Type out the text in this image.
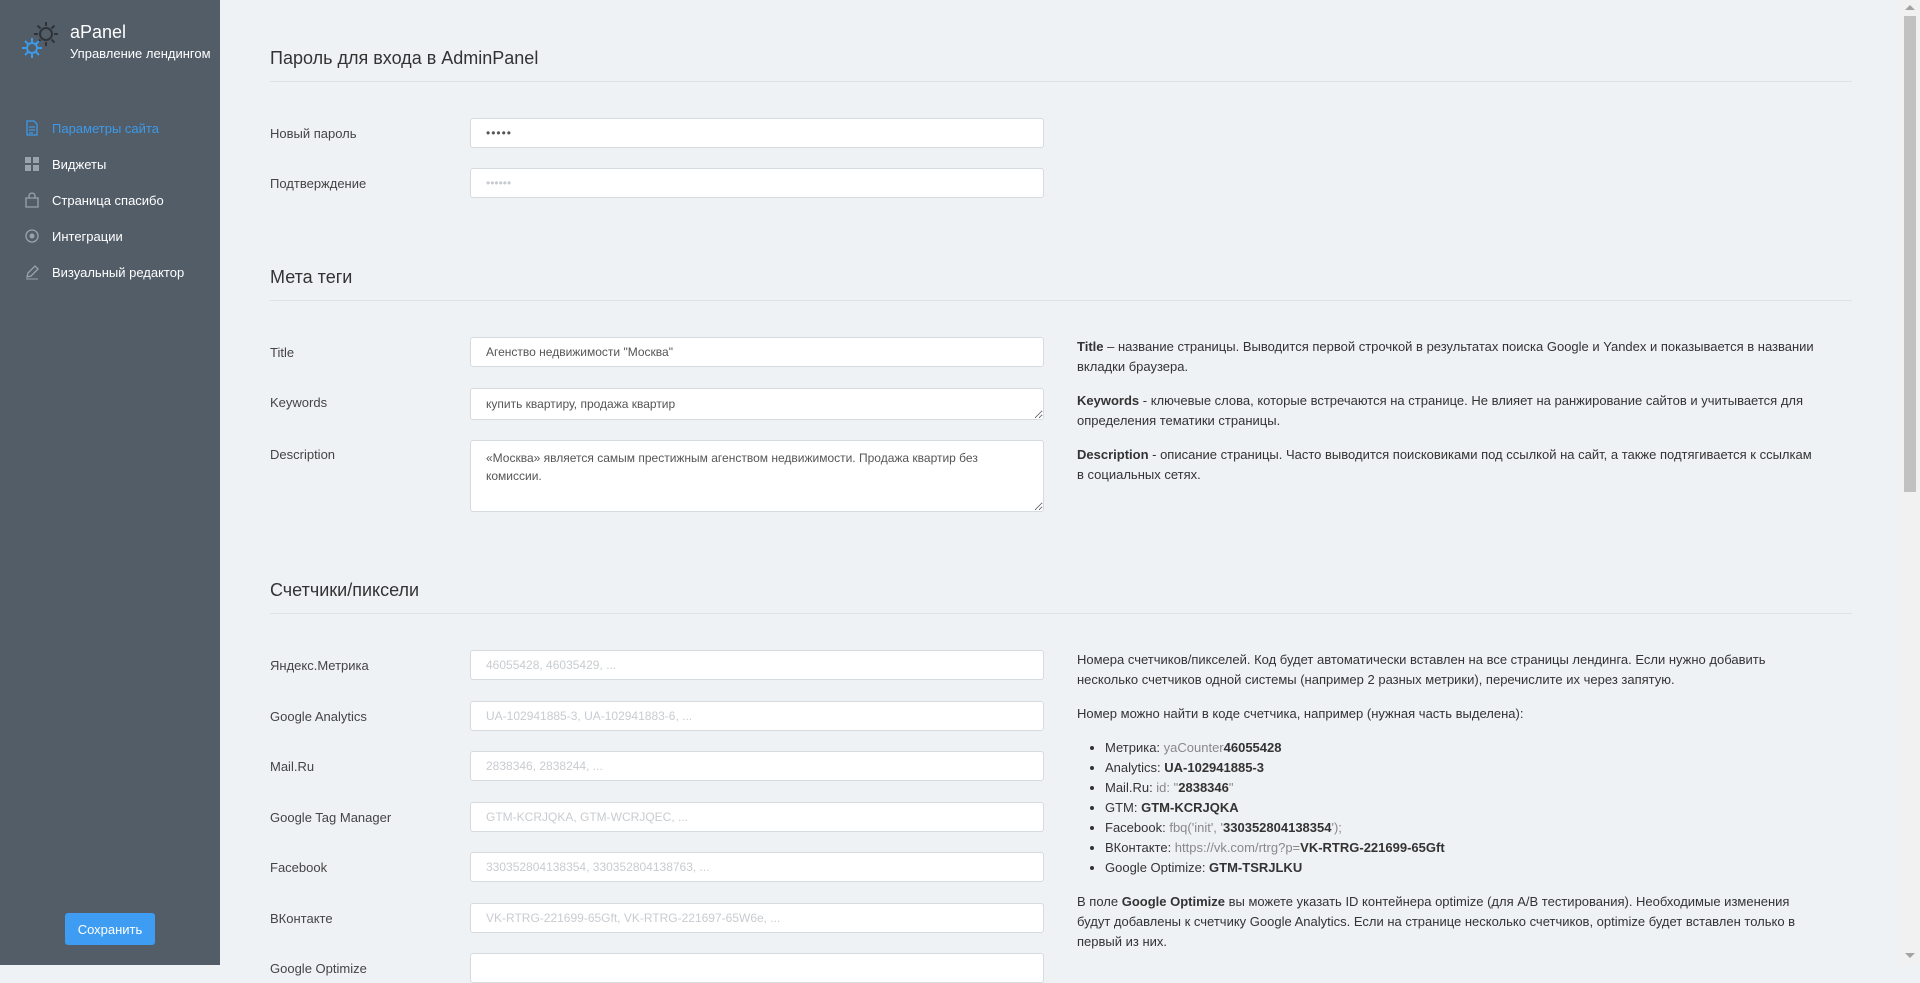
aPanel
Управление лендингом
Параметры сайта
Виджеты
Страница спасибо
Интеграции
Визуальный редактор
Сохранить
Пароль для входа в AdminPanel
Новый пароль
•••••
Подтверждение
••••••
Мета теги
Title
Агенство недвижимости "Москва"
Keywords
купить квартиру, продажа квартир
Description
«Москва» является самым престижным агенством недвижимости. Продажа квартир без комиссии.

Title – название страницы. Выводится первой строчкой в результатах поиска Google и Yandex и показывается в названии вкладки браузера.

Keywords - ключевые слова, которые встречаются на странице. Не влияет на ранжирование сайтов и учитывается для определения тематики страницы.

Description - описание страницы. Часто выводится поисковиками под ссылкой на сайт, а также подтягивается к ссылкам в социальных сетях.

Счетчики/пиксели
Яндекс.Метрика
46055428, 46035429, ...
Google Analytics
UA-102941885-3, UA-102941883-6, ...
Mail.Ru
2838346, 2838244, ...
Google Tag Manager
GTM-KCRJQKA, GTM-WCRJQEC, ...
Facebook
330352804138354, 330352804138763, ...
ВКонтакте
VK-RTRG-221699-65Gft, VK-RTRG-221697-65W6e, ...
Google Optimize

Номера счетчиков/пикселей. Код будет автоматически вставлен на все страницы лендинга. Если нужно добавить несколько счетчиков одной системы (например 2 разных метрики), перечислите их через запятую.

Номер можно найти в коде счетчика, например (нужная часть выделена):

• Метрика: yaCounter46055428
• Analytics: UA-102941885-3
• Mail.Ru: id: "2838346"
• GTM: GTM-KCRJQKA
• Facebook: fbq('init', '330352804138354');
• ВКонтакте: https://vk.com/rtrg?p=VK-RTRG-221699-65Gft
• Google Optimize: GTM-TSRJLKU

В поле Google Optimize вы можете указать ID контейнера optimize (для A/B тестирования). Необходимые изменения будут добавлены к счетчику Google Analytics. Если на странице несколько счетчиков, optimize будет вставлен только в первый из них.
